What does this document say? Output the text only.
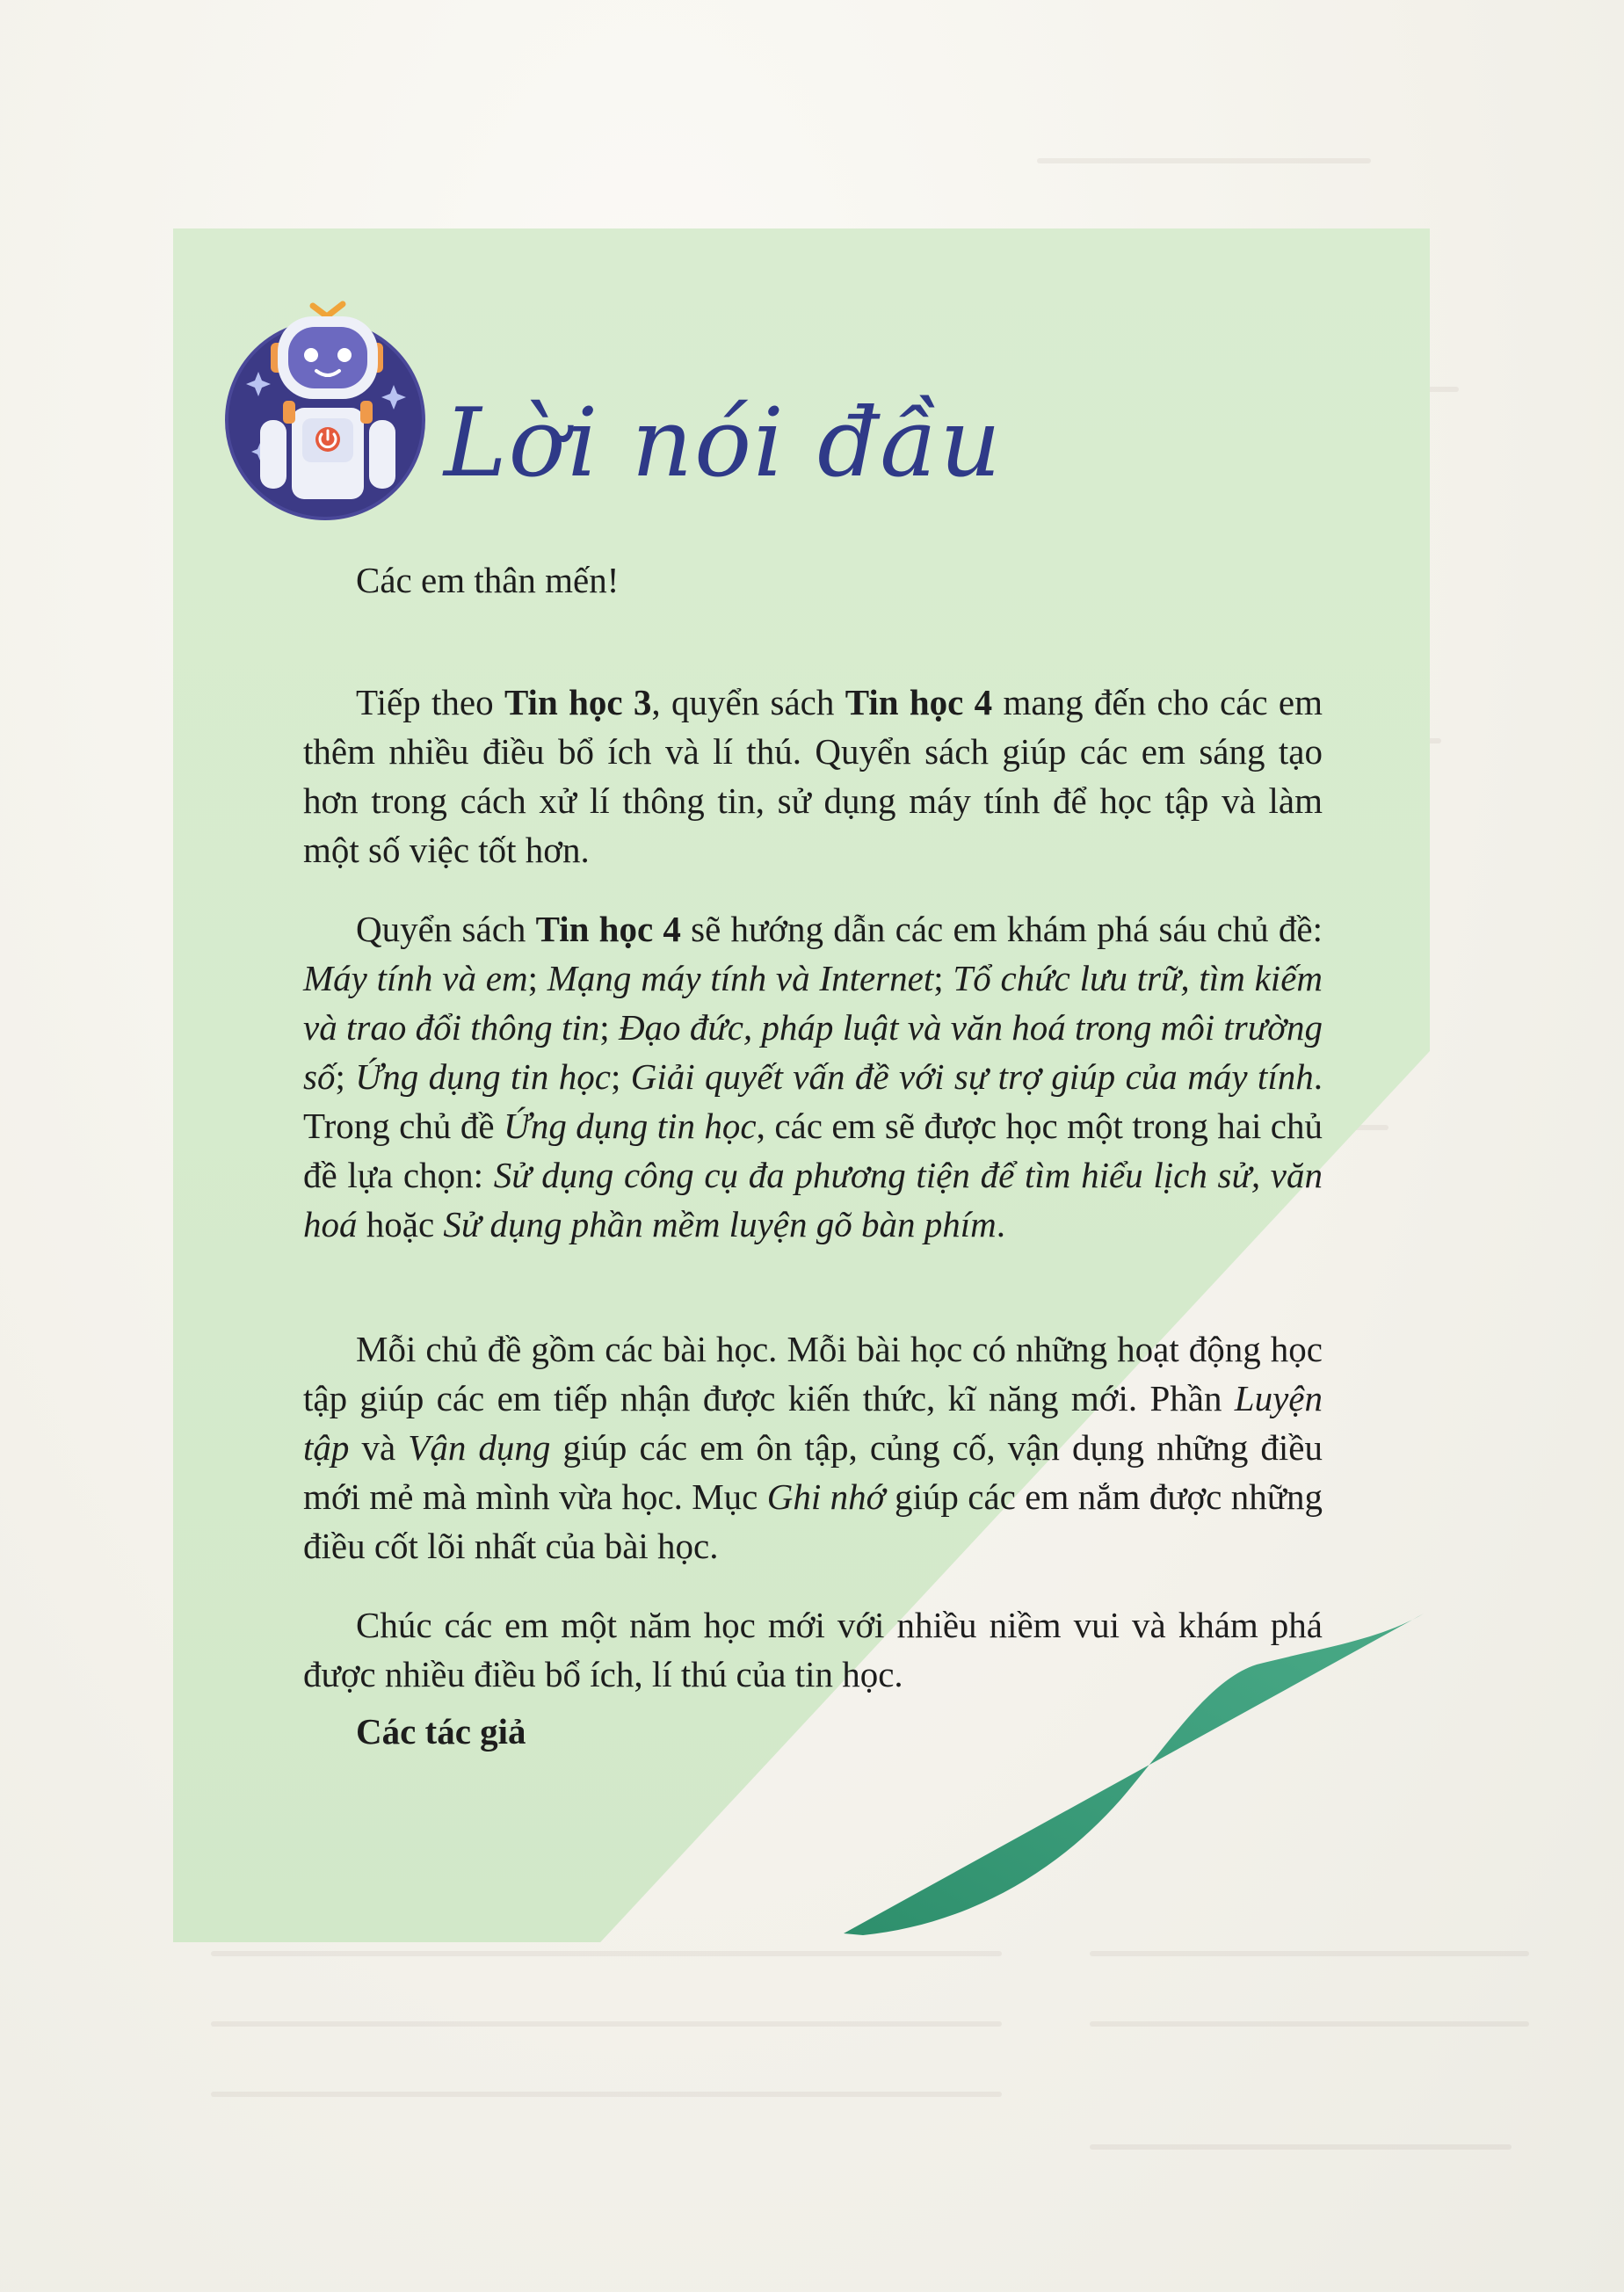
Lời nói đầu
Các em thân mến!

Tiếp theo Tin học 3, quyển sách Tin học 4 mang đến cho các em thêm nhiều điều bổ ích và lí thú. Quyển sách giúp các em sáng tạo hơn trong cách xử lí thông tin, sử dụng máy tính để học tập và làm một số việc tốt hơn.

Quyển sách Tin học 4 sẽ hướng dẫn các em khám phá sáu chủ đề: Máy tính và em; Mạng máy tính và Internet; Tổ chức lưu trữ, tìm kiếm và trao đổi thông tin; Đạo đức, pháp luật và văn hoá trong môi trường số; Ứng dụng tin học; Giải quyết vấn đề với sự trợ giúp của máy tính. Trong chủ đề Ứng dụng tin học, các em sẽ được học một trong hai chủ đề lựa chọn: Sử dụng công cụ đa phương tiện để tìm hiểu lịch sử, văn hoá hoặc Sử dụng phần mềm luyện gõ bàn phím.

Mỗi chủ đề gồm các bài học. Mỗi bài học có những hoạt động học tập giúp các em tiếp nhận được kiến thức, kĩ năng mới. Phần Luyện tập và Vận dụng giúp các em ôn tập, củng cố, vận dụng những điều mới mẻ mà mình vừa học. Mục Ghi nhớ giúp các em nắm được những điều cốt lõi nhất của bài học.

Chúc các em một năm học mới với nhiều niềm vui và khám phá được nhiều điều bổ ích, lí thú của tin học.

Các tác giả
